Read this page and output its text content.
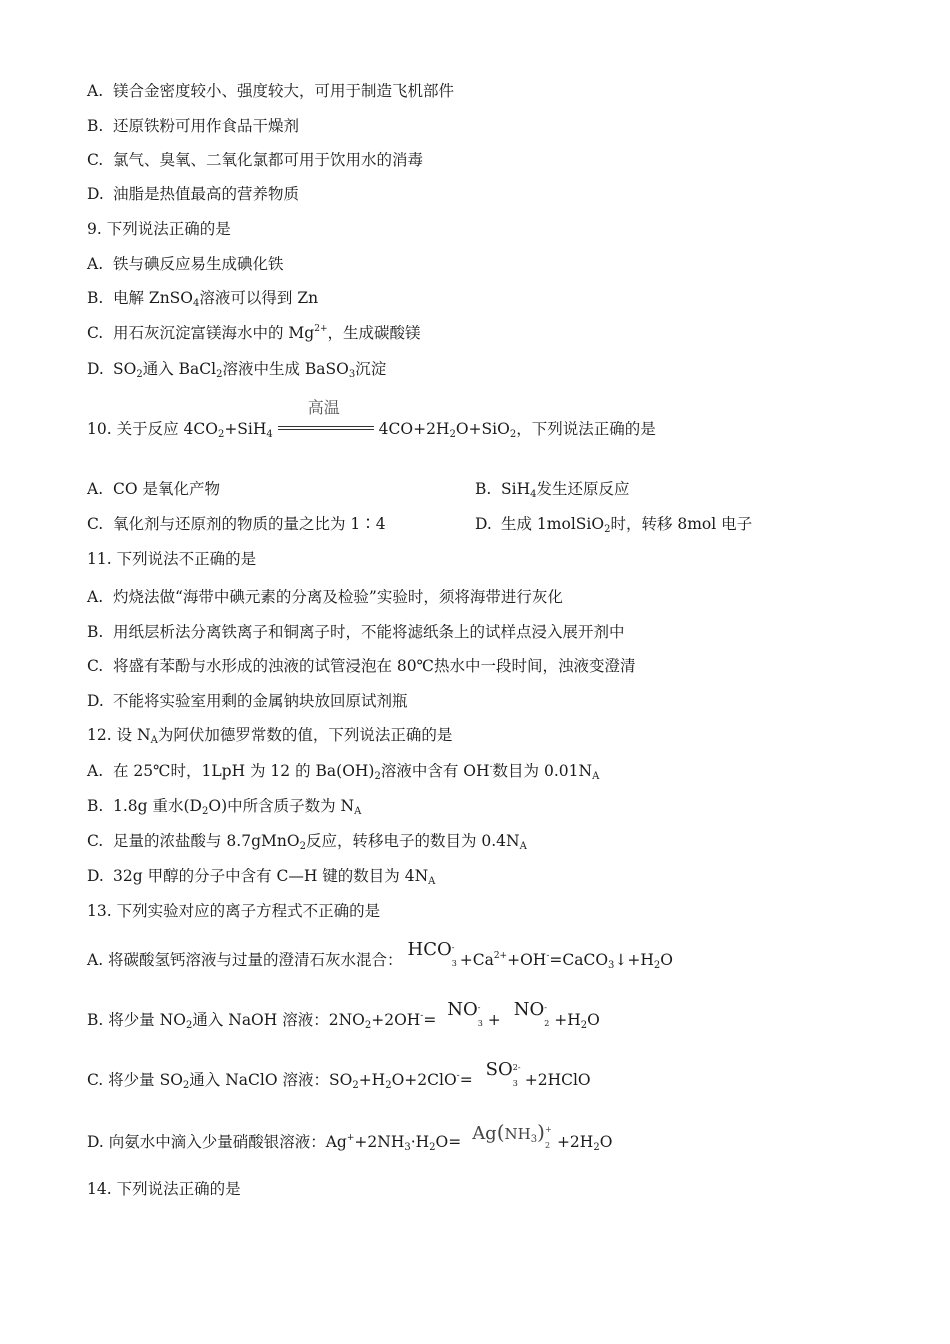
A. 镁合金密度较小、强度较大，可用于制造飞机部件
B. 还原铁粉可用作食品干燥剂
C. 氯气、臭氧、二氧化氯都可用于饮用水的消毒
D. 油脂是热值最高的营养物质
9. 下列说法正确的是
A. 铁与碘反应易生成碘化铁
B. 电解 ZnSO$_4$溶液可以得到 Zn
C. 用石灰沉淀富镁海水中的 $Mg^{2+}$，生成碳酸镁
D. $SO_2$通入 BaCl$_2$溶液中生成 BaSO$_3$沉淀
10. 关于反应 $4CO_2+SiH_4$
高温
$4CO+2H_2O+SiO_2$，下列说法正确的是
A. CO 是氧化产物	B. SiH$_4$发生还原反应
C. 氧化剂与还原剂的物质的量之比为 1∶4	D. 生成 1molSiO$_2$时，转移 8mol 电子
11. 下列说法不正确的是
A. 灼烧法做“海带中碘元素的分离及检验”实验时，须将海带进行灰化
B. 用纸层析法分离铁离子和铜离子时，不能将滤纸条上的试样点浸入展开剂中
C. 将盛有苯酚与水形成的浊液的试管浸泡在 80℃热水中一段时间，浊液变澄清
D. 不能将实验室用剩的金属钠块放回原试剂瓶
12. 设 $N_A$为阿伏加德罗常数的值，下列说法正确的是
A. 在 25℃时，1LpH 为 12 的 $Ba(OH)_2$溶液中含有 OH-数目为 $0.01N_A$
B. 1.8g 重水$(D_2O)$中所含质子数为 $N_A$
C. 足量的浓盐酸与 8.7gMnO$_2$反应，转移电子的数目为 $0.4N_A$
D. 32g 甲醇的分子中含有 C—H 键的数目为 $4N_A$
13. 下列实验对应的离子方程式不正确的是
A. 将碳酸氢钙溶液与过量的澄清石灰水混合： HCO -
$3 +Ca^{2+}+OH^-=CaCO_3↓+H_2O$
B. 将少量 $NO_2$通入 NaOH 溶液：$2NO_2+2OH^-=$ NO -
3 + NO -
$2 +H_2O$
C. 将少量 $SO_2$通入 NaClO 溶液：$SO_2+H_2O+2ClO^-=$ SO 2-
3 +2HClO
D. 向氨水中滴入少量硝酸银溶液：$Ag^++2NH_3\cdot H_2O= Ag(NH_3)$ +
$2 +2H_2O$
14. 下列说法正确的是
